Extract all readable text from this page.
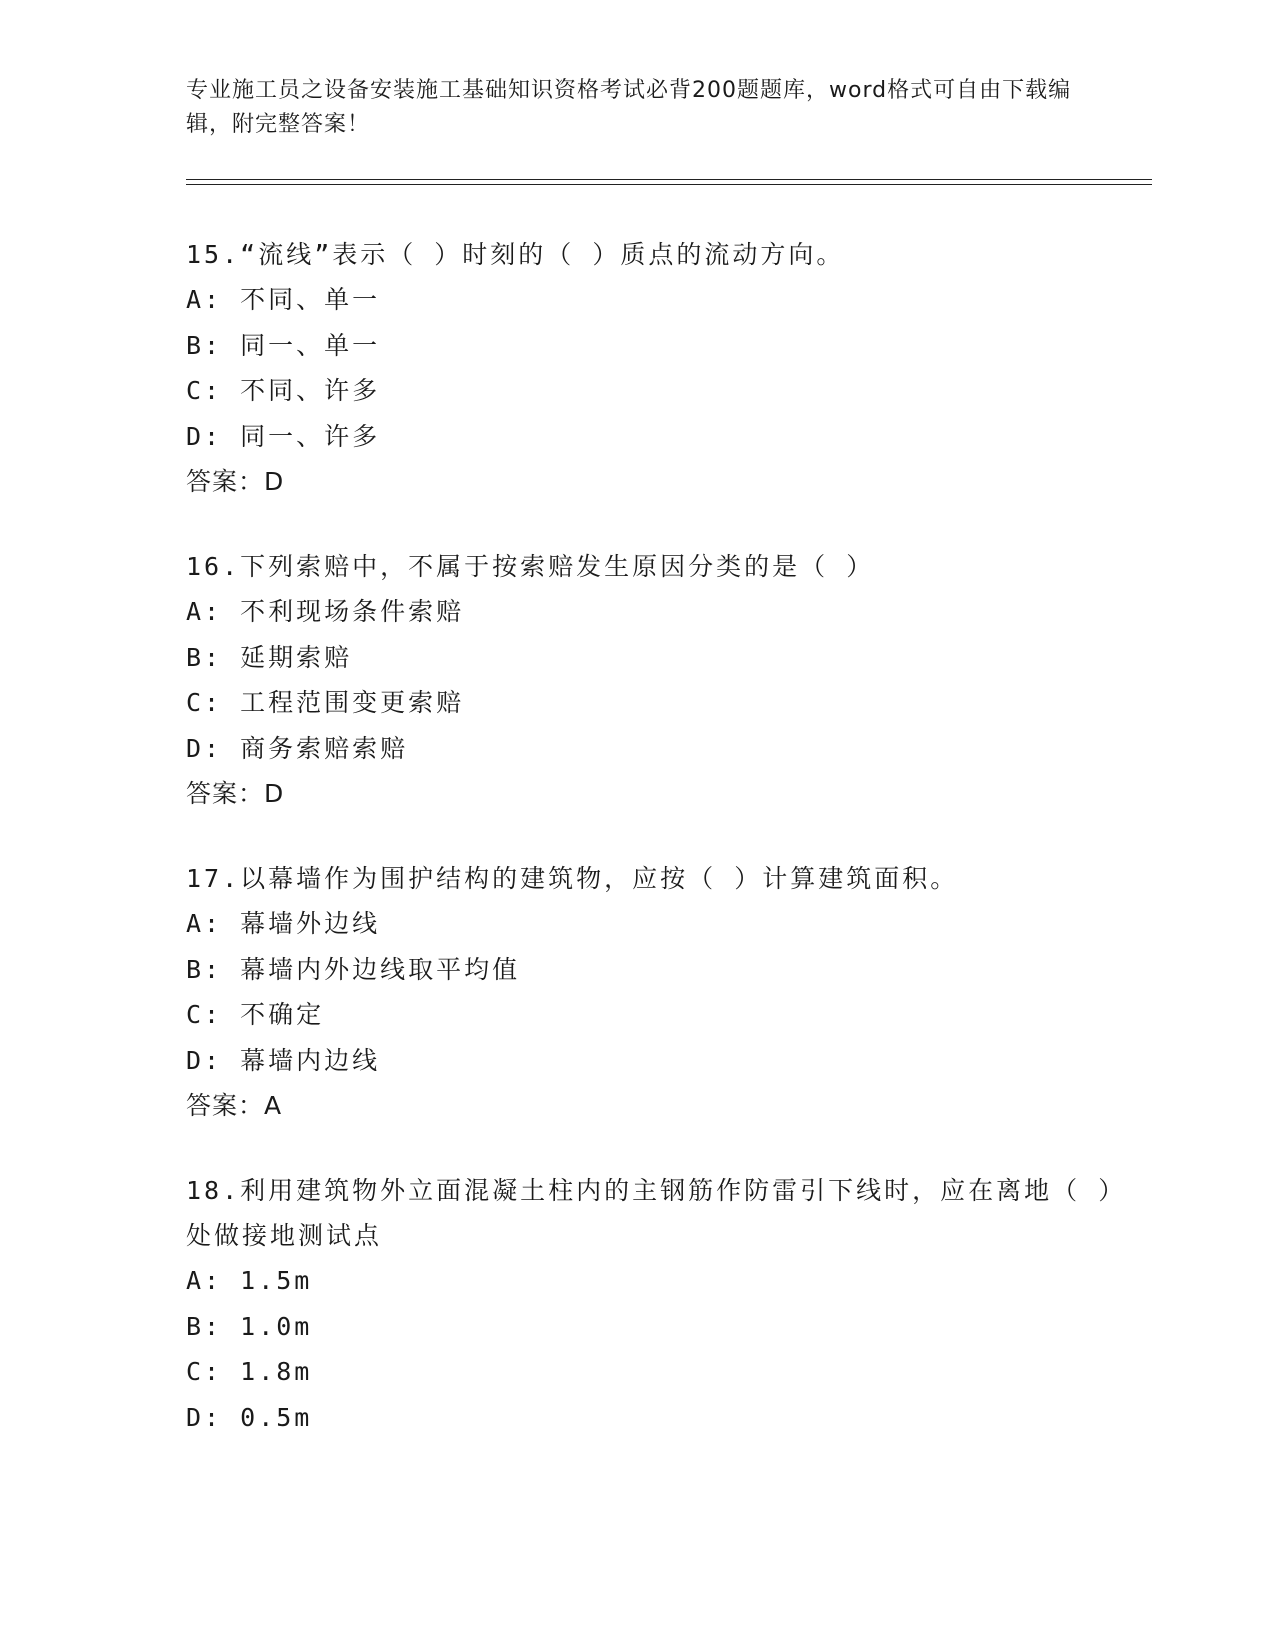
专业施工员之设备安装施工基础知识资格考试必背200题题库，word格式可自由下载编辑，附完整答案！

15.“流线”表示（ ）时刻的（ ）质点的流动方向。

A: 不同、单一

B: 同一、单一

C: 不同、许多

D: 同一、许多

答案：D

16.下列索赔中，不属于按索赔发生原因分类的是（ ）

A: 不利现场条件索赔

B: 延期索赔

C: 工程范围变更索赔

D: 商务索赔索赔

答案：D

17.以幕墙作为围护结构的建筑物，应按（ ）计算建筑面积。

A: 幕墙外边线

B: 幕墙内外边线取平均值

C: 不确定

D: 幕墙内边线

答案：A

18.利用建筑物外立面混凝土柱内的主钢筋作防雷引下线时，应在离地（ ）处做接地测试点

A: 1.5m

B: 1.0m

C: 1.8m

D: 0.5m
